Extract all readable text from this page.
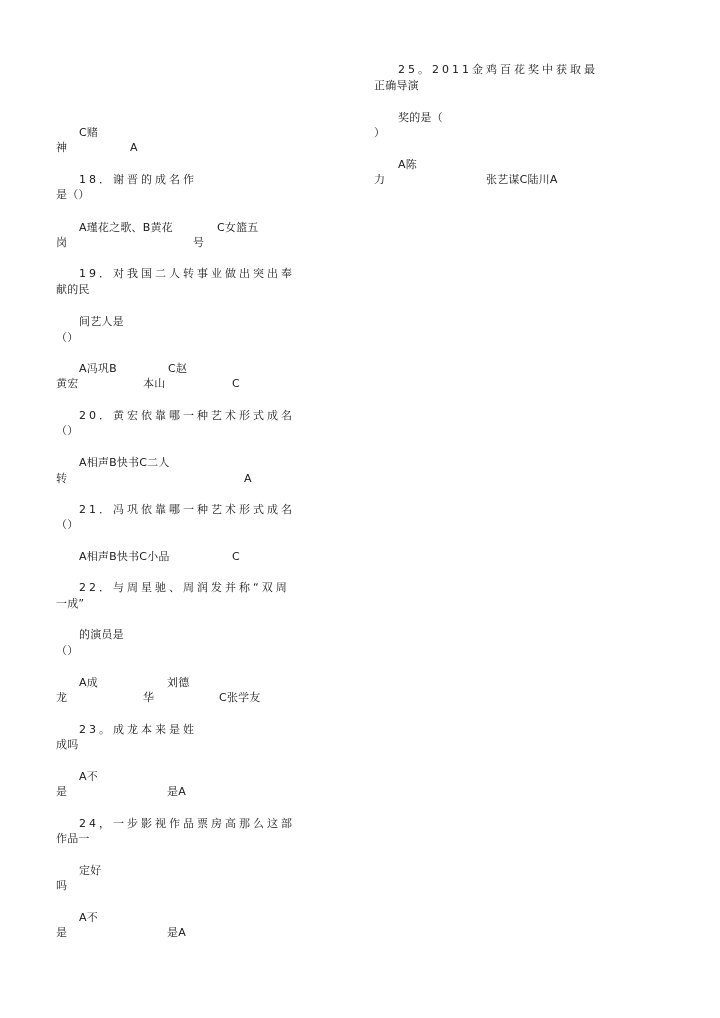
C赌
神	A
18．谢晋的成名作
是（）
A瑾花之歌、B黄花	C女篮五
岗	号
19．对我国二人转事业做出突出奉
献的民
间艺人是
（）
A冯巩B	C赵
黄宏	本山	C
20．黄宏依靠哪一种艺术形式成名
（）
A相声B快书C二人
转	A
21．冯巩依靠哪一种艺术形式成名
（）
A相声B快书C小品	C
22．与周星驰、周润发并称“双周
一成”
的演员是
（）
A成	刘德
龙	华	C张学友
23。成龙本来是姓
成吗
A不
是	是A
24，一步影视作品票房高那么这部
作品一
定好
吗
A不
是	是A
25。2011金鸡百花奖中获取最
正确导演
奖的是（
）
A陈
力	张艺谋C陆川A
